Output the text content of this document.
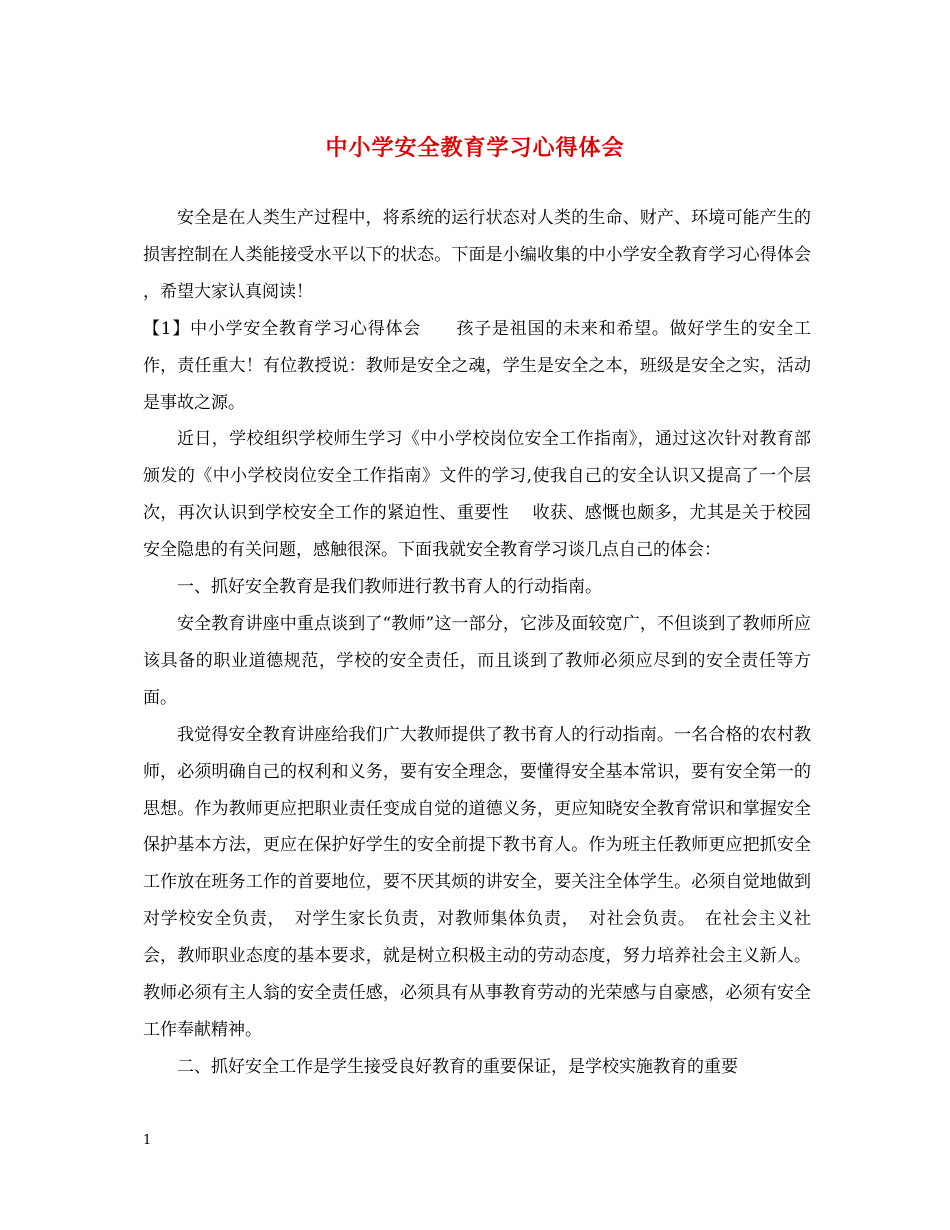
中小学安全教育学习心得体会

安全是在人类生产过程中，将系统的运行状态对人类的生命、财产、环境可能产生的损害控制在人类能接受水平以下的状态。下面是小编收集的中小学安全教育学习心得体会 ，希望大家认真阅读！

【1】中小学安全教育学习心得体会　　孩子是祖国的未来和希望。做好学生的安全工作，责任重大！有位教授说：教师是安全之魂，学生是安全之本，班级是安全之实，活动是事故之源。

近日，学校组织学校师生学习《中小学校岗位安全工作指南》，通过这次针对教育部颁发的《中小学校岗位安全工作指南》文件的学习,使我自己的安全认识又提高了一个层次，再次认识到学校安全工作的紧迫性、重要性　 收获、感慨也颇多，尤其是关于校园安全隐患的有关问题，感触很深。下面我就安全教育学习谈几点自己的体会：

一、抓好安全教育是我们教师进行教书育人的行动指南。

安全教育讲座中重点谈到了“教师”这一部分，它涉及面较宽广，不但谈到了教师所应该具备的职业道德规范，学校的安全责任，而且谈到了教师必须应尽到的安全责任等方面。

我觉得安全教育讲座给我们广大教师提供了教书育人的行动指南。一名合格的农村教师，必须明确自己的权利和义务，要有安全理念，要懂得安全基本常识，要有安全第一的思想。作为教师更应把职业责任变成自觉的道德义务，更应知晓安全教育常识和掌握安全保护基本方法，更应在保护好学生的安全前提下教书育人。作为班主任教师更应把抓安全工作放在班务工作的首要地位，要不厌其烦的讲安全，要关注全体学生。必须自觉地做到对学校安全负责，　对学生家长负责，对教师集体负责，　对社会负责。　在社会主义社会，教师职业态度的基本要求，就是树立积极主动的劳动态度，努力培养社会主义新人。教师必须有主人翁的安全责任感，必须具有从事教育劳动的光荣感与自豪感，必须有安全工作奉献精神。

二、抓好安全工作是学生接受良好教育的重要保证，是学校实施教育的重要

1
